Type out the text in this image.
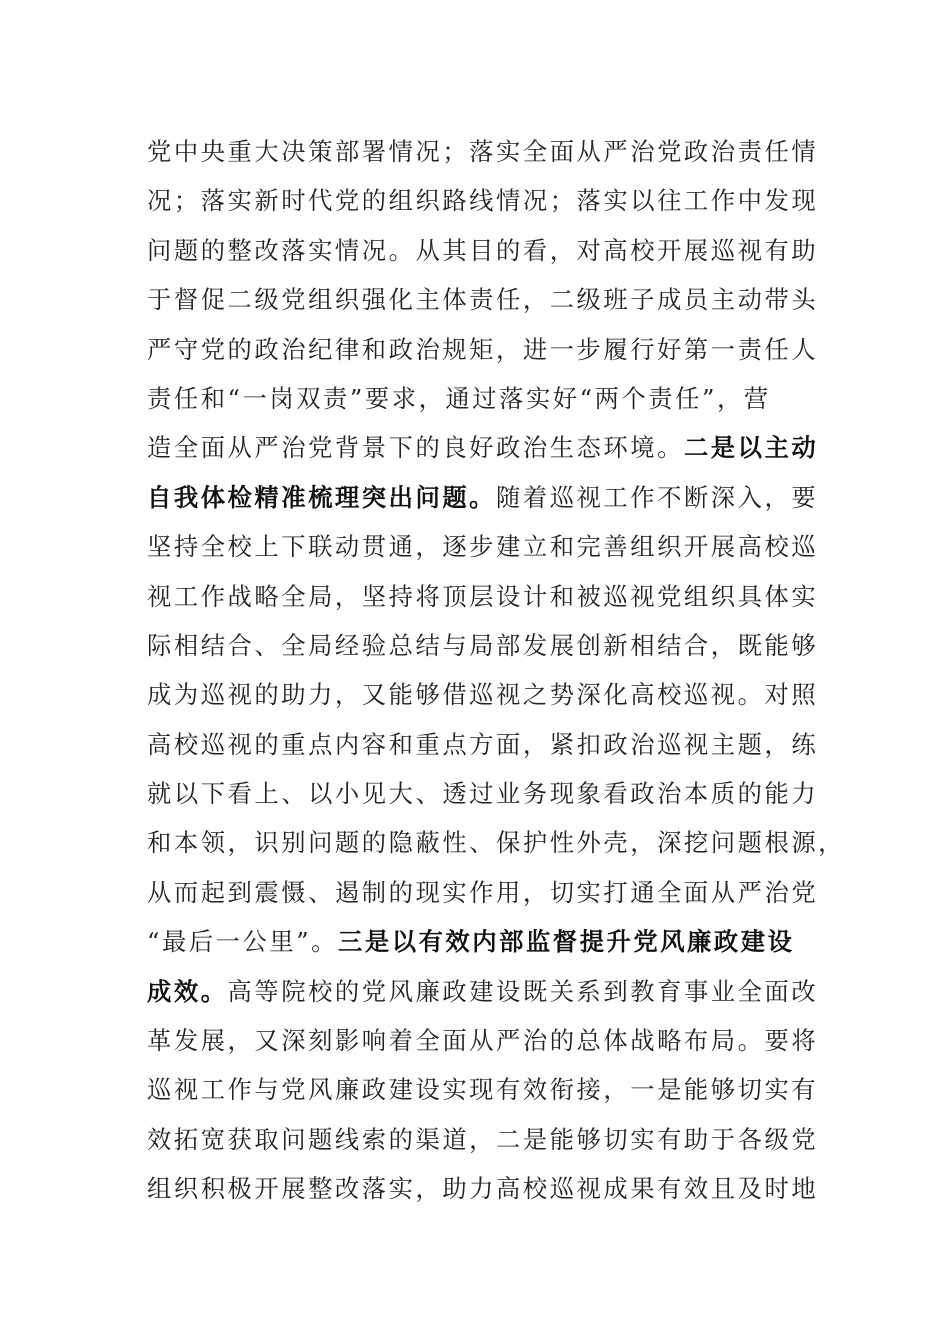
党中央重大决策部署情况；落实全面从严治党政治责任情
况；落实新时代党的组织路线情况；落实以往工作中发现
问题的整改落实情况。从其目的看，对高校开展巡视有助
于督促二级党组织强化主体责任，二级班子成员主动带头
严守党的政治纪律和政治规矩，进一步履行好第一责任人
责任和“一岗双责”要求，通过落实好“两个责任”，营
造全面从严治党背景下的良好政治生态环境。二是以主动
自我体检精准梳理突出问题。随着巡视工作不断深入，要
坚持全校上下联动贯通，逐步建立和完善组织开展高校巡
视工作战略全局，坚持将顶层设计和被巡视党组织具体实
际相结合、全局经验总结与局部发展创新相结合，既能够
成为巡视的助力，又能够借巡视之势深化高校巡视。对照
高校巡视的重点内容和重点方面，紧扣政治巡视主题，练
就以下看上、以小见大、透过业务现象看政治本质的能力
和本领，识别问题的隐蔽性、保护性外壳，深挖问题根源，
从而起到震慑、遏制的现实作用，切实打通全面从严治党
“最后一公里”。三是以有效内部监督提升党风廉政建设
成效。高等院校的党风廉政建设既关系到教育事业全面改
革发展，又深刻影响着全面从严治的总体战略布局。要将
巡视工作与党风廉政建设实现有效衔接，一是能够切实有
效拓宽获取问题线索的渠道，二是能够切实有助于各级党
组织积极开展整改落实，助力高校巡视成果有效且及时地
